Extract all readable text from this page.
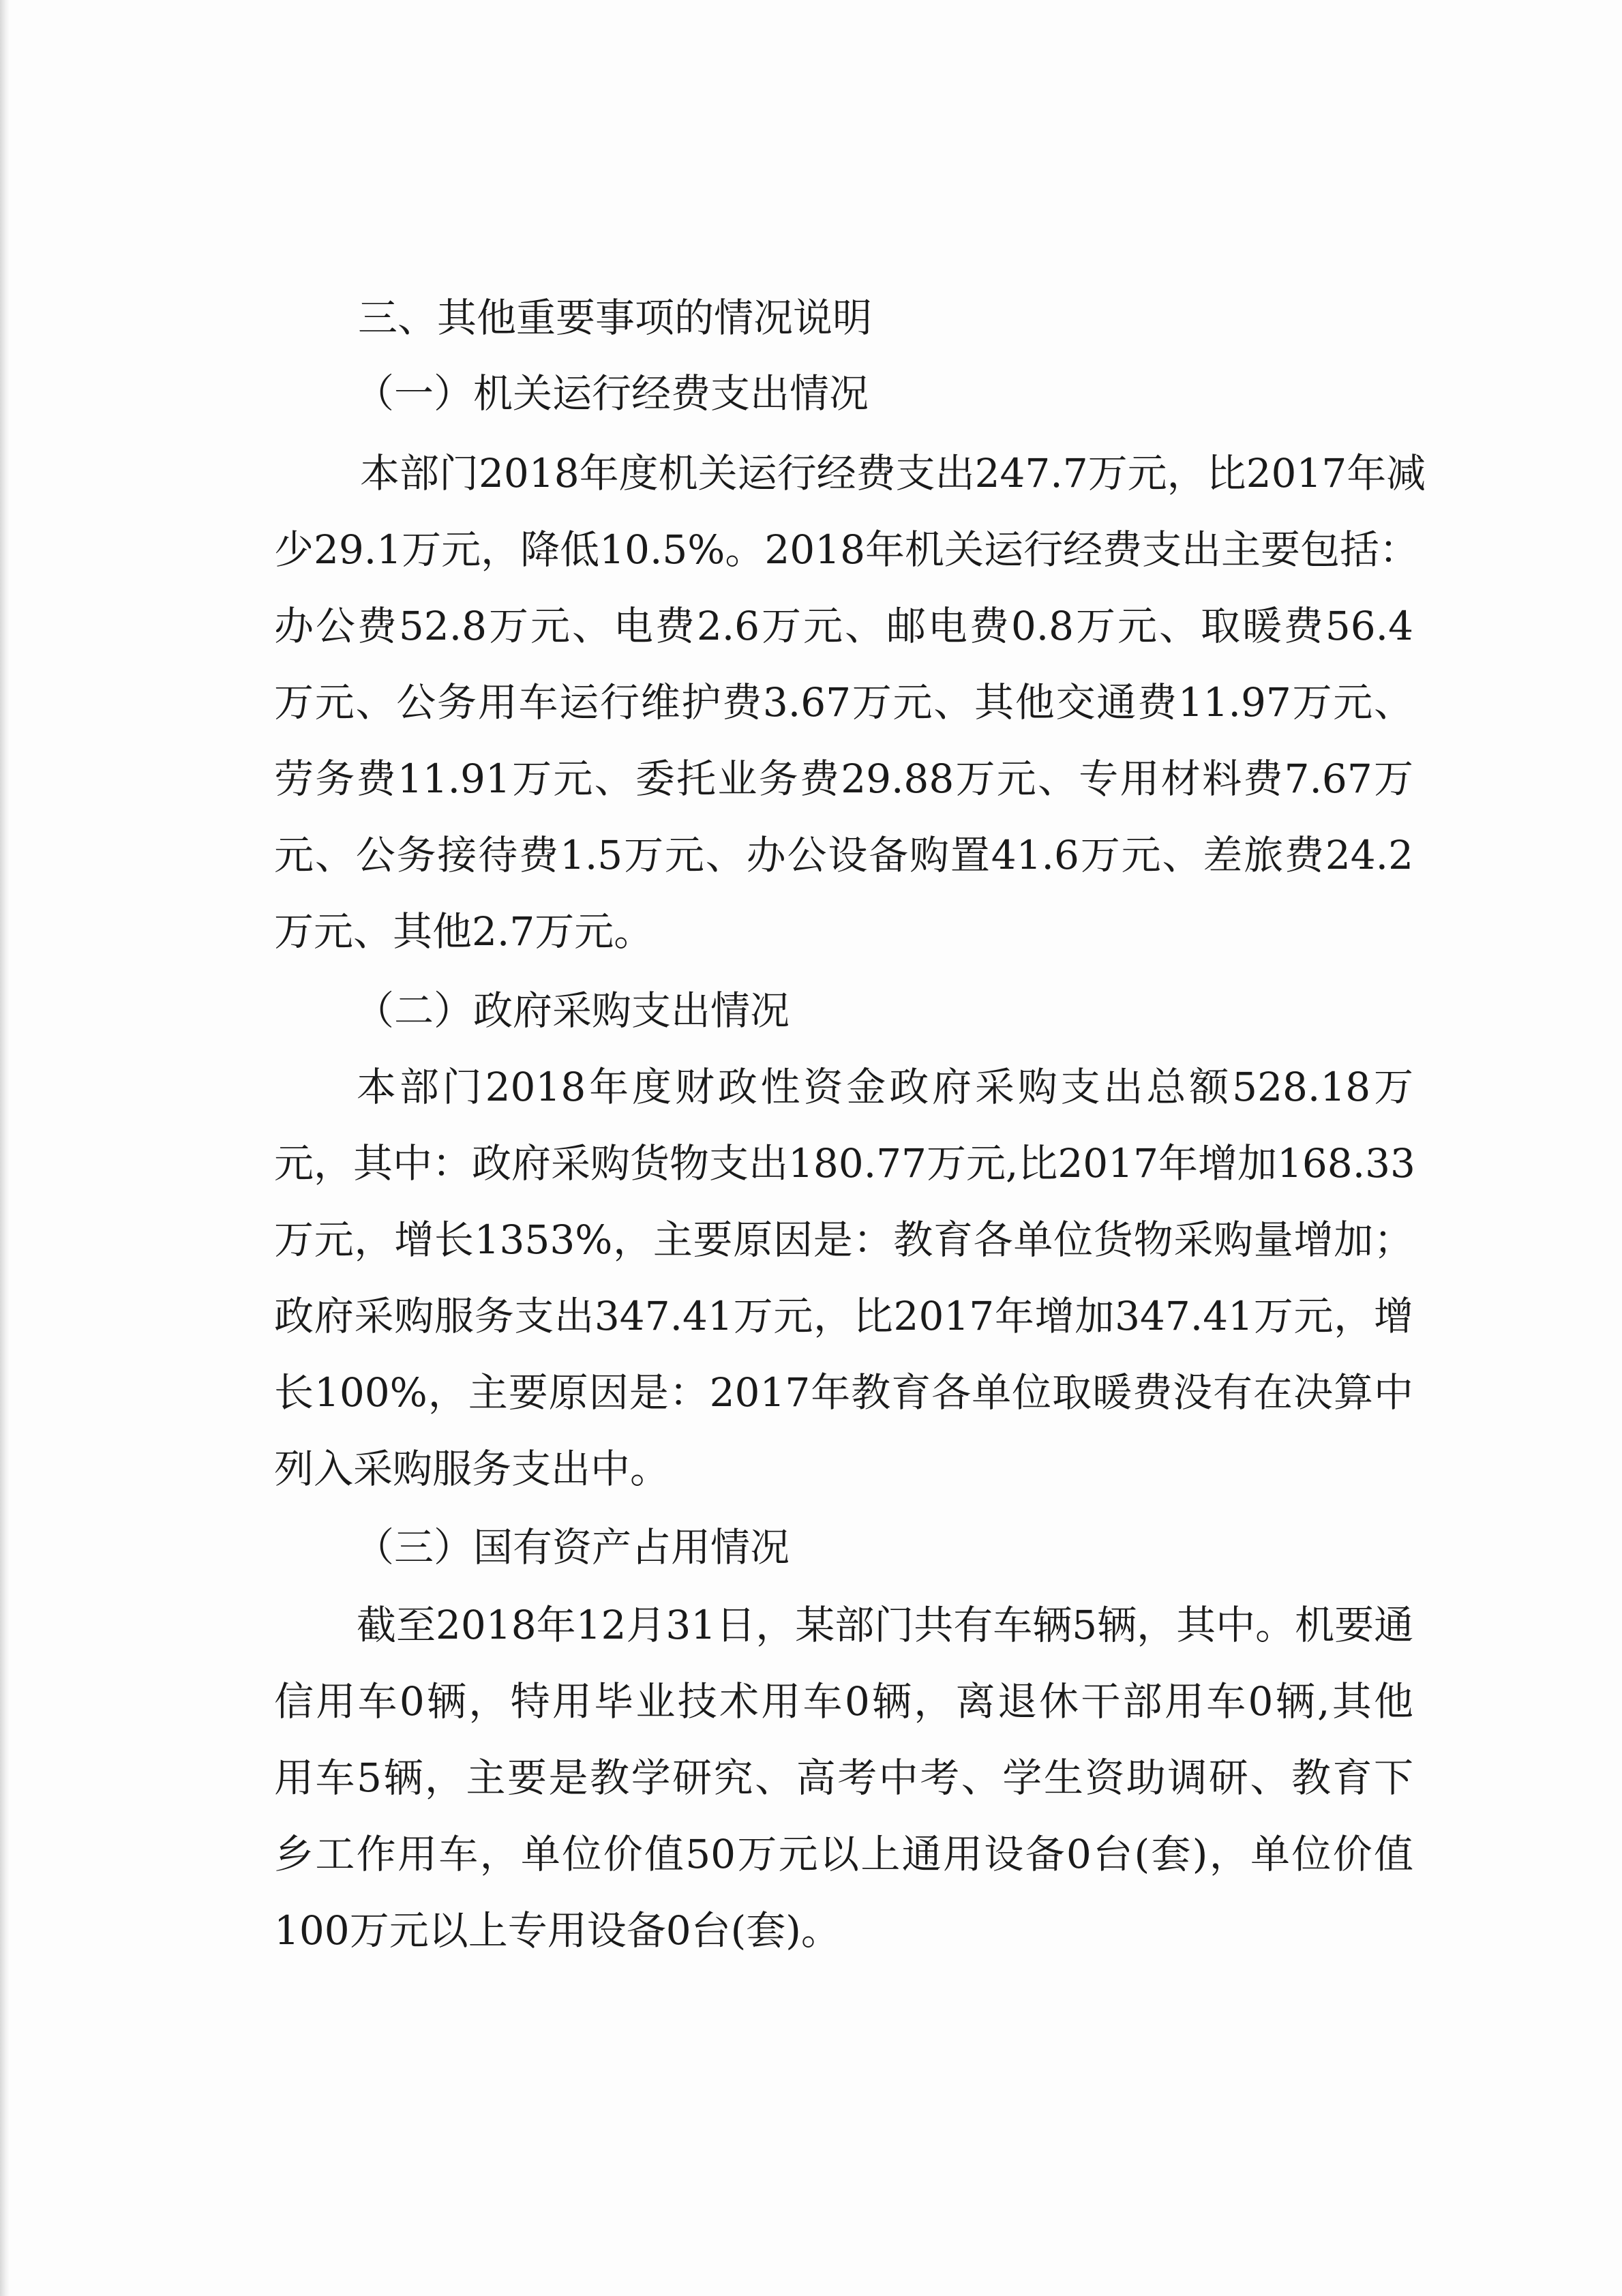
三、其他重要事项的情况说明

（一）机关运行经费支出情况

本部门2018年度机关运行经费支出247.7万元，比2017年减

少29.1万元，降低10.5%。2018年机关运行经费支出主要包括：

办公费52.8万元、电费2.6万元、邮电费0.8万元、取暖费56.4

万元、公务用车运行维护费3.67万元、其他交通费11.97万元、

劳务费11.91万元、委托业务费29.88万元、专用材料费7.67万

元、公务接待费1.5万元、办公设备购置41.6万元、差旅费24.2

万元、其他2.7万元。

（二）政府采购支出情况

本部门2018年度财政性资金政府采购支出总额528.18万

元，其中：政府采购货物支出180.77万元,比2017年增加168.33

万元，增长1353%，主要原因是：教育各单位货物采购量增加；

政府采购服务支出347.41万元，比2017年增加347.41万元，增

长100%，主要原因是：2017年教育各单位取暖费没有在决算中

列入采购服务支出中。

（三）国有资产占用情况

截至2018年12月31日，某部门共有车辆5辆，其中。机要通

信用车0辆，特用毕业技术用车0辆，离退休干部用车0辆,其他

用车5辆，主要是教学研究、高考中考、学生资助调研、教育下

乡工作用车，单位价值50万元以上通用设备0台(套)，单位价值

100万元以上专用设备0台(套)。
